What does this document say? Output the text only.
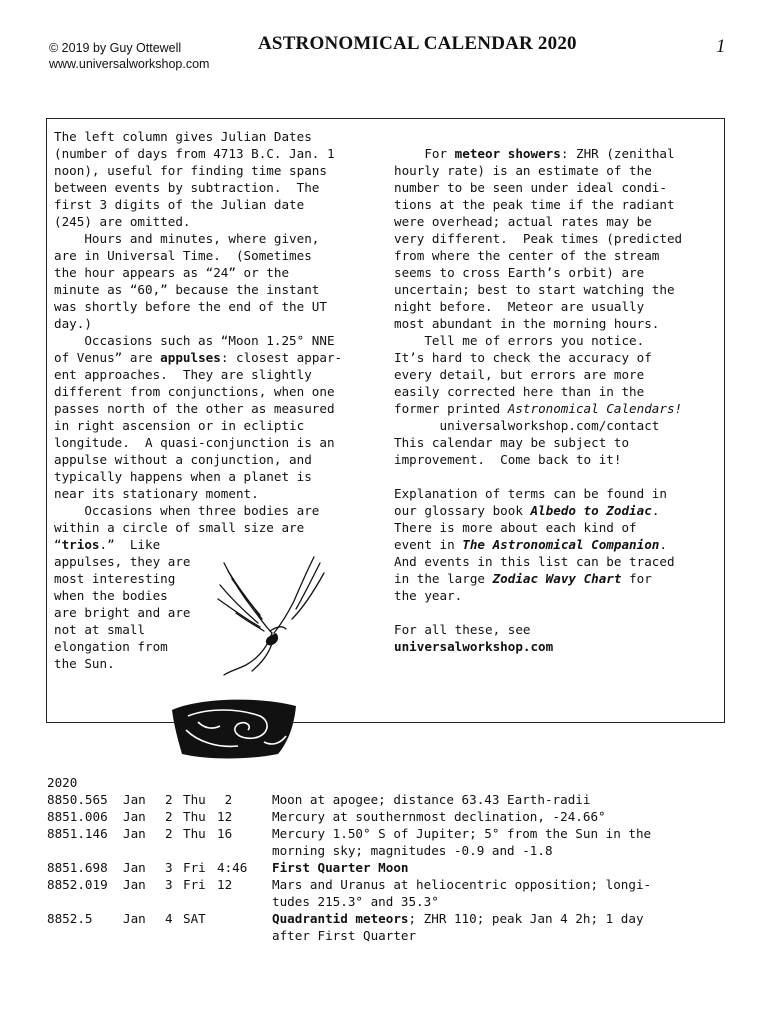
© 2019 by Guy Ottewell
www.universalworkshop.com
ASTRONOMICAL CALENDAR 2020	1
The left column gives Julian Dates
(number of days from 4713 B.C. Jan. 1
noon), useful for finding time spans
between events by subtraction.  The
first 3 digits of the Julian date
(245) are omitted.
Hours and minutes, where given,
are in Universal Time.  (Sometimes
the hour appears as “24” or the
minute as “60,” because the instant
was shortly before the end of the UT
day.)
Occasions such as “Moon 1.25° NNE
of Venus” are appulses: closest appar-
ent approaches.  They are slightly
different from conjunctions, when one
passes north of the other as measured
in right ascension or in ecliptic
longitude.  A quasi-conjunction is an
appulse without a conjunction, and
typically happens when a planet is
near its stationary moment.
Occasions when three bodies are
within a circle of small size are
“trios.”  Like
appulses, they are
most interesting
when the bodies
are bright and are
not at small
elongation from
the Sun.

For meteor showers: ZHR (zenithal
hourly rate) is an estimate of the
number to be seen under ideal condi-
tions at the peak time if the radiant
were overhead; actual rates may be
very different.  Peak times (predicted
from where the center of the stream
seems to cross Earth’s orbit) are
uncertain; best to start watching the
night before.  Meteor are usually
most abundant in the morning hours.
Tell me of errors you notice.
It’s hard to check the accuracy of
every detail, but errors are more
easily corrected here than in the
former printed Astronomical Calendars!
universalworkshop.com/contact
This calendar may be subject to
improvement.  Come back to it!

Explanation of terms can be found in
our glossary book Albedo to Zodiac.
There is more about each kind of
event in The Astronomical Companion.
And events in this list can be traced
in the large Zodiac Wavy Chart for
the year.

For all these, see
universalworkshop.com
2020
8850.565 Jan 2 Thu 2	Moon at apogee; distance 63.43 Earth-radii
8851.006 Jan 2 Thu 12	Mercury at southernmost declination, -24.66°
8851.146 Jan 2 Thu 16	Mercury 1.50° S of Jupiter; 5° from the Sun in the
morning sky; magnitudes -0.9 and -1.8
8851.698 Jan 3 Fri 4:46 First Quarter Moon
8852.019 Jan 3 Fri 12	Mars and Uranus at heliocentric opposition; longi-
tudes 215.3° and 35.3°
8852.5 Jan 4 SAT	Quadrantid meteors; ZHR 110; peak Jan 4 2h; 1 day
after First Quarter
